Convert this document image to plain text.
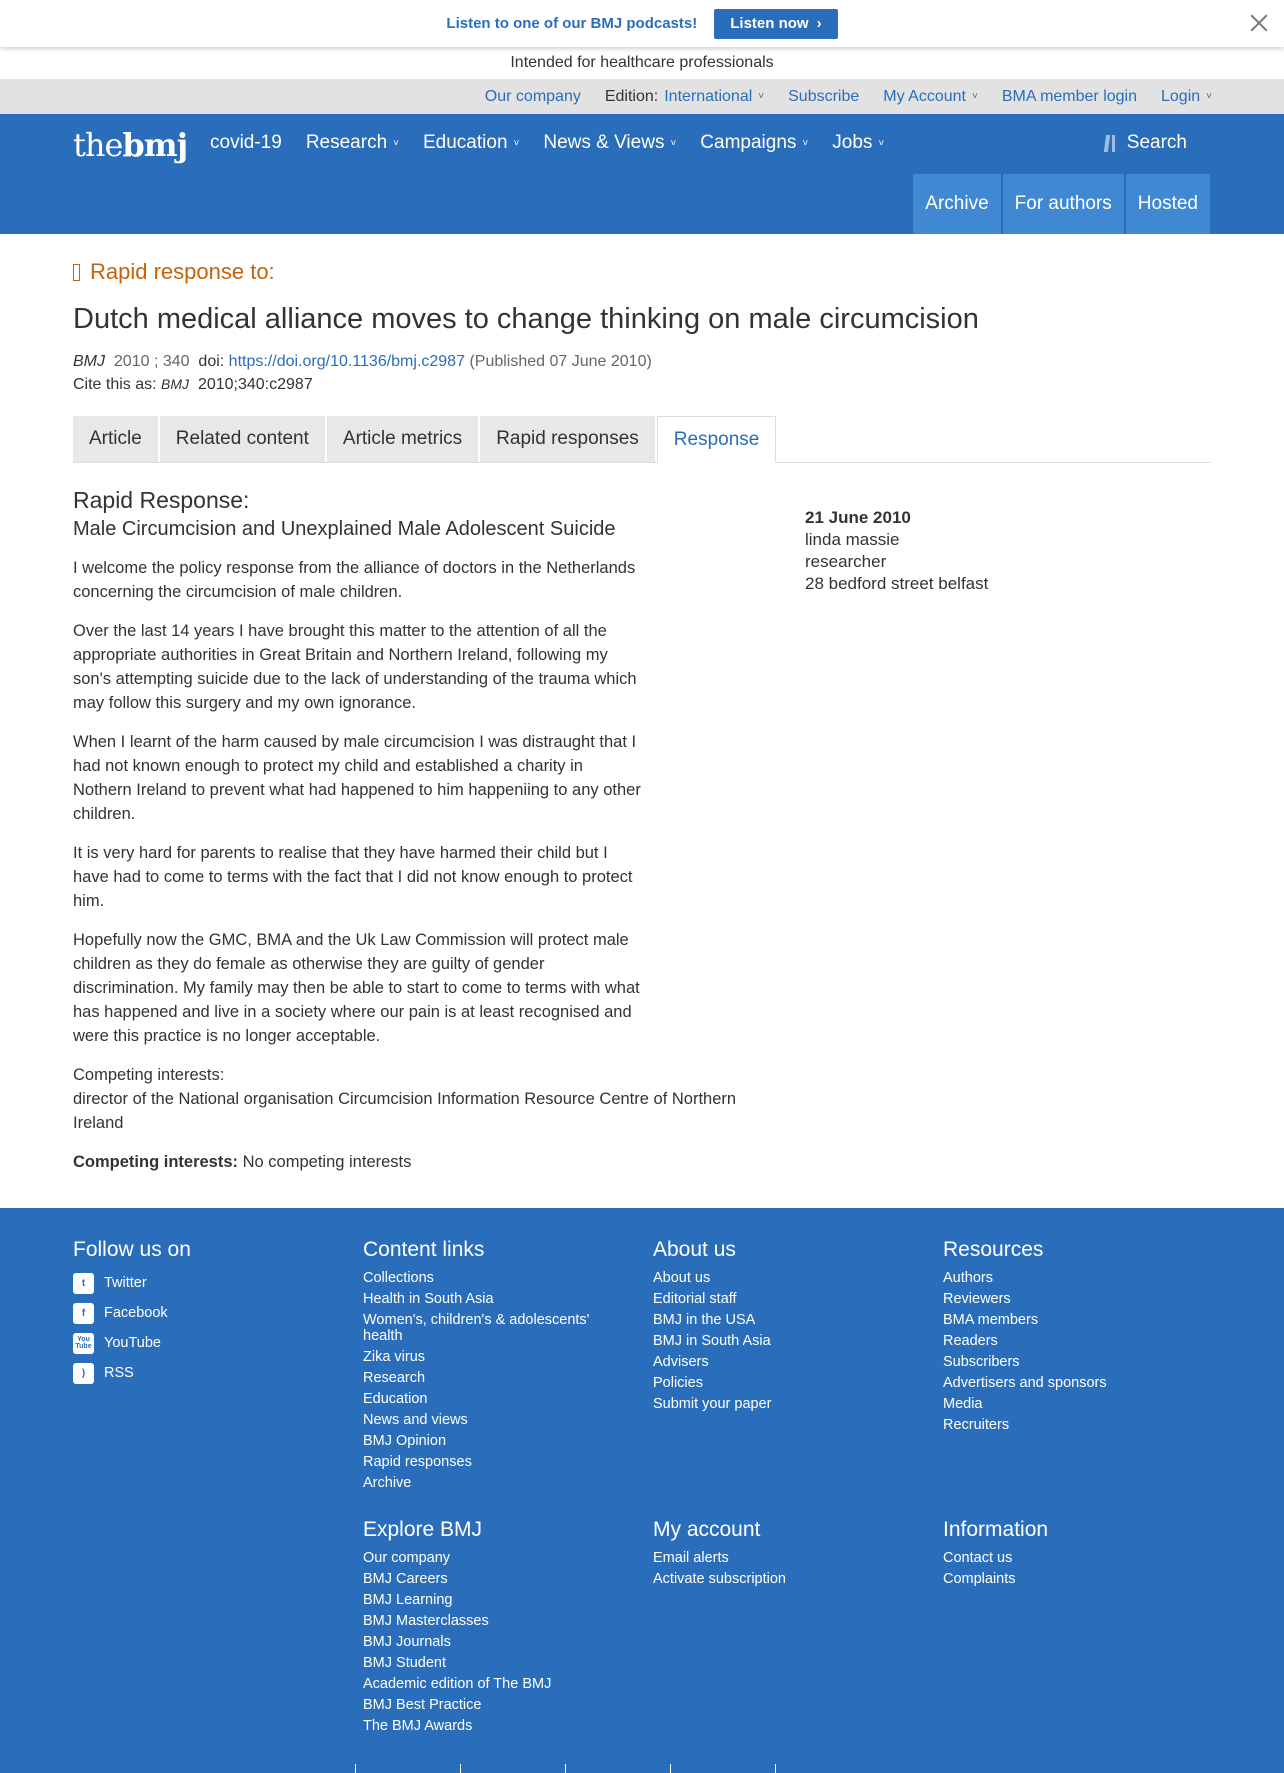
Listen to one of our BMJ podcasts! Listen now ›
Intended for healthcare professionals
Our company Edition: International ˅ Subscribe My Account ˅ BMA member login Login ˅
thebmj covid-19 Research ˅ Education ˅ News & Views ˅ Campaigns ˅ Jobs ˅	Search
Archive	For authors	Hosted
Rapid response to:
Dutch medical alliance moves to change thinking on male circumcision
BMJ 2010 ; 340 doi: https://doi.org/10.1136/bmj.c2987 (Published 07 June 2010)
Cite this as: BMJ 2010;340:c2987
Article	Related content	Article metrics	Rapid responses	Response
Rapid Response:
Male Circumcision and Unexplained Male Adolescent Suicide

I welcome the policy response from the alliance of doctors in the Netherlands concerning the circumcision of male children.

Over the last 14 years I have brought this matter to the attention of all the appropriate authorities in Great Britain and Northern Ireland, following my son's attempting suicide due to the lack of understanding of the trauma which may follow this surgery and my own ignorance.

When I learnt of the harm caused by male circumcision I was distraught that I had not known enough to protect my child and established a charity in Nothern Ireland to prevent what had happened to him happeniing to any other children.

It is very hard for parents to realise that they have harmed their child but I have had to come to terms with the fact that I did not know enough to protect him.

Hopefully now the GMC, BMA and the Uk Law Commission will protect male children as they do female as otherwise they are guilty of gender discrimination. My family may then be able to start to come to terms with what has happened and live in a society where our pain is at least recognised and were this practice is no longer acceptable.

Competing interests:
director of the National organisation Circumcision Information Resource Centre of Northern Ireland

Competing interests: No competing interests

21 June 2010
linda massie
researcher
28 bedford street belfast
Follow us on
t	Twitter
f	Facebook
You Tube YouTube
)	RSS
Content links
Collections
Health in South Asia
Women's, children's & adolescents' health
Zika virus
Research
Education
News and views
BMJ Opinion
Rapid responses
Archive
About us
About us
Editorial staff
BMJ in the USA
BMJ in South Asia
Advisers
Policies
Submit your paper
Resources
Authors
Reviewers
BMA members
Readers
Subscribers
Advertisers and sponsors
Media
Recruiters
Explore BMJ
Our company
BMJ Careers
BMJ Learning
BMJ Masterclasses
BMJ Journals
BMJ Student
Academic edition of The BMJ
BMJ Best Practice
The BMJ Awards
My account
Email alerts
Activate subscription
Information
Contact us
Complaints
